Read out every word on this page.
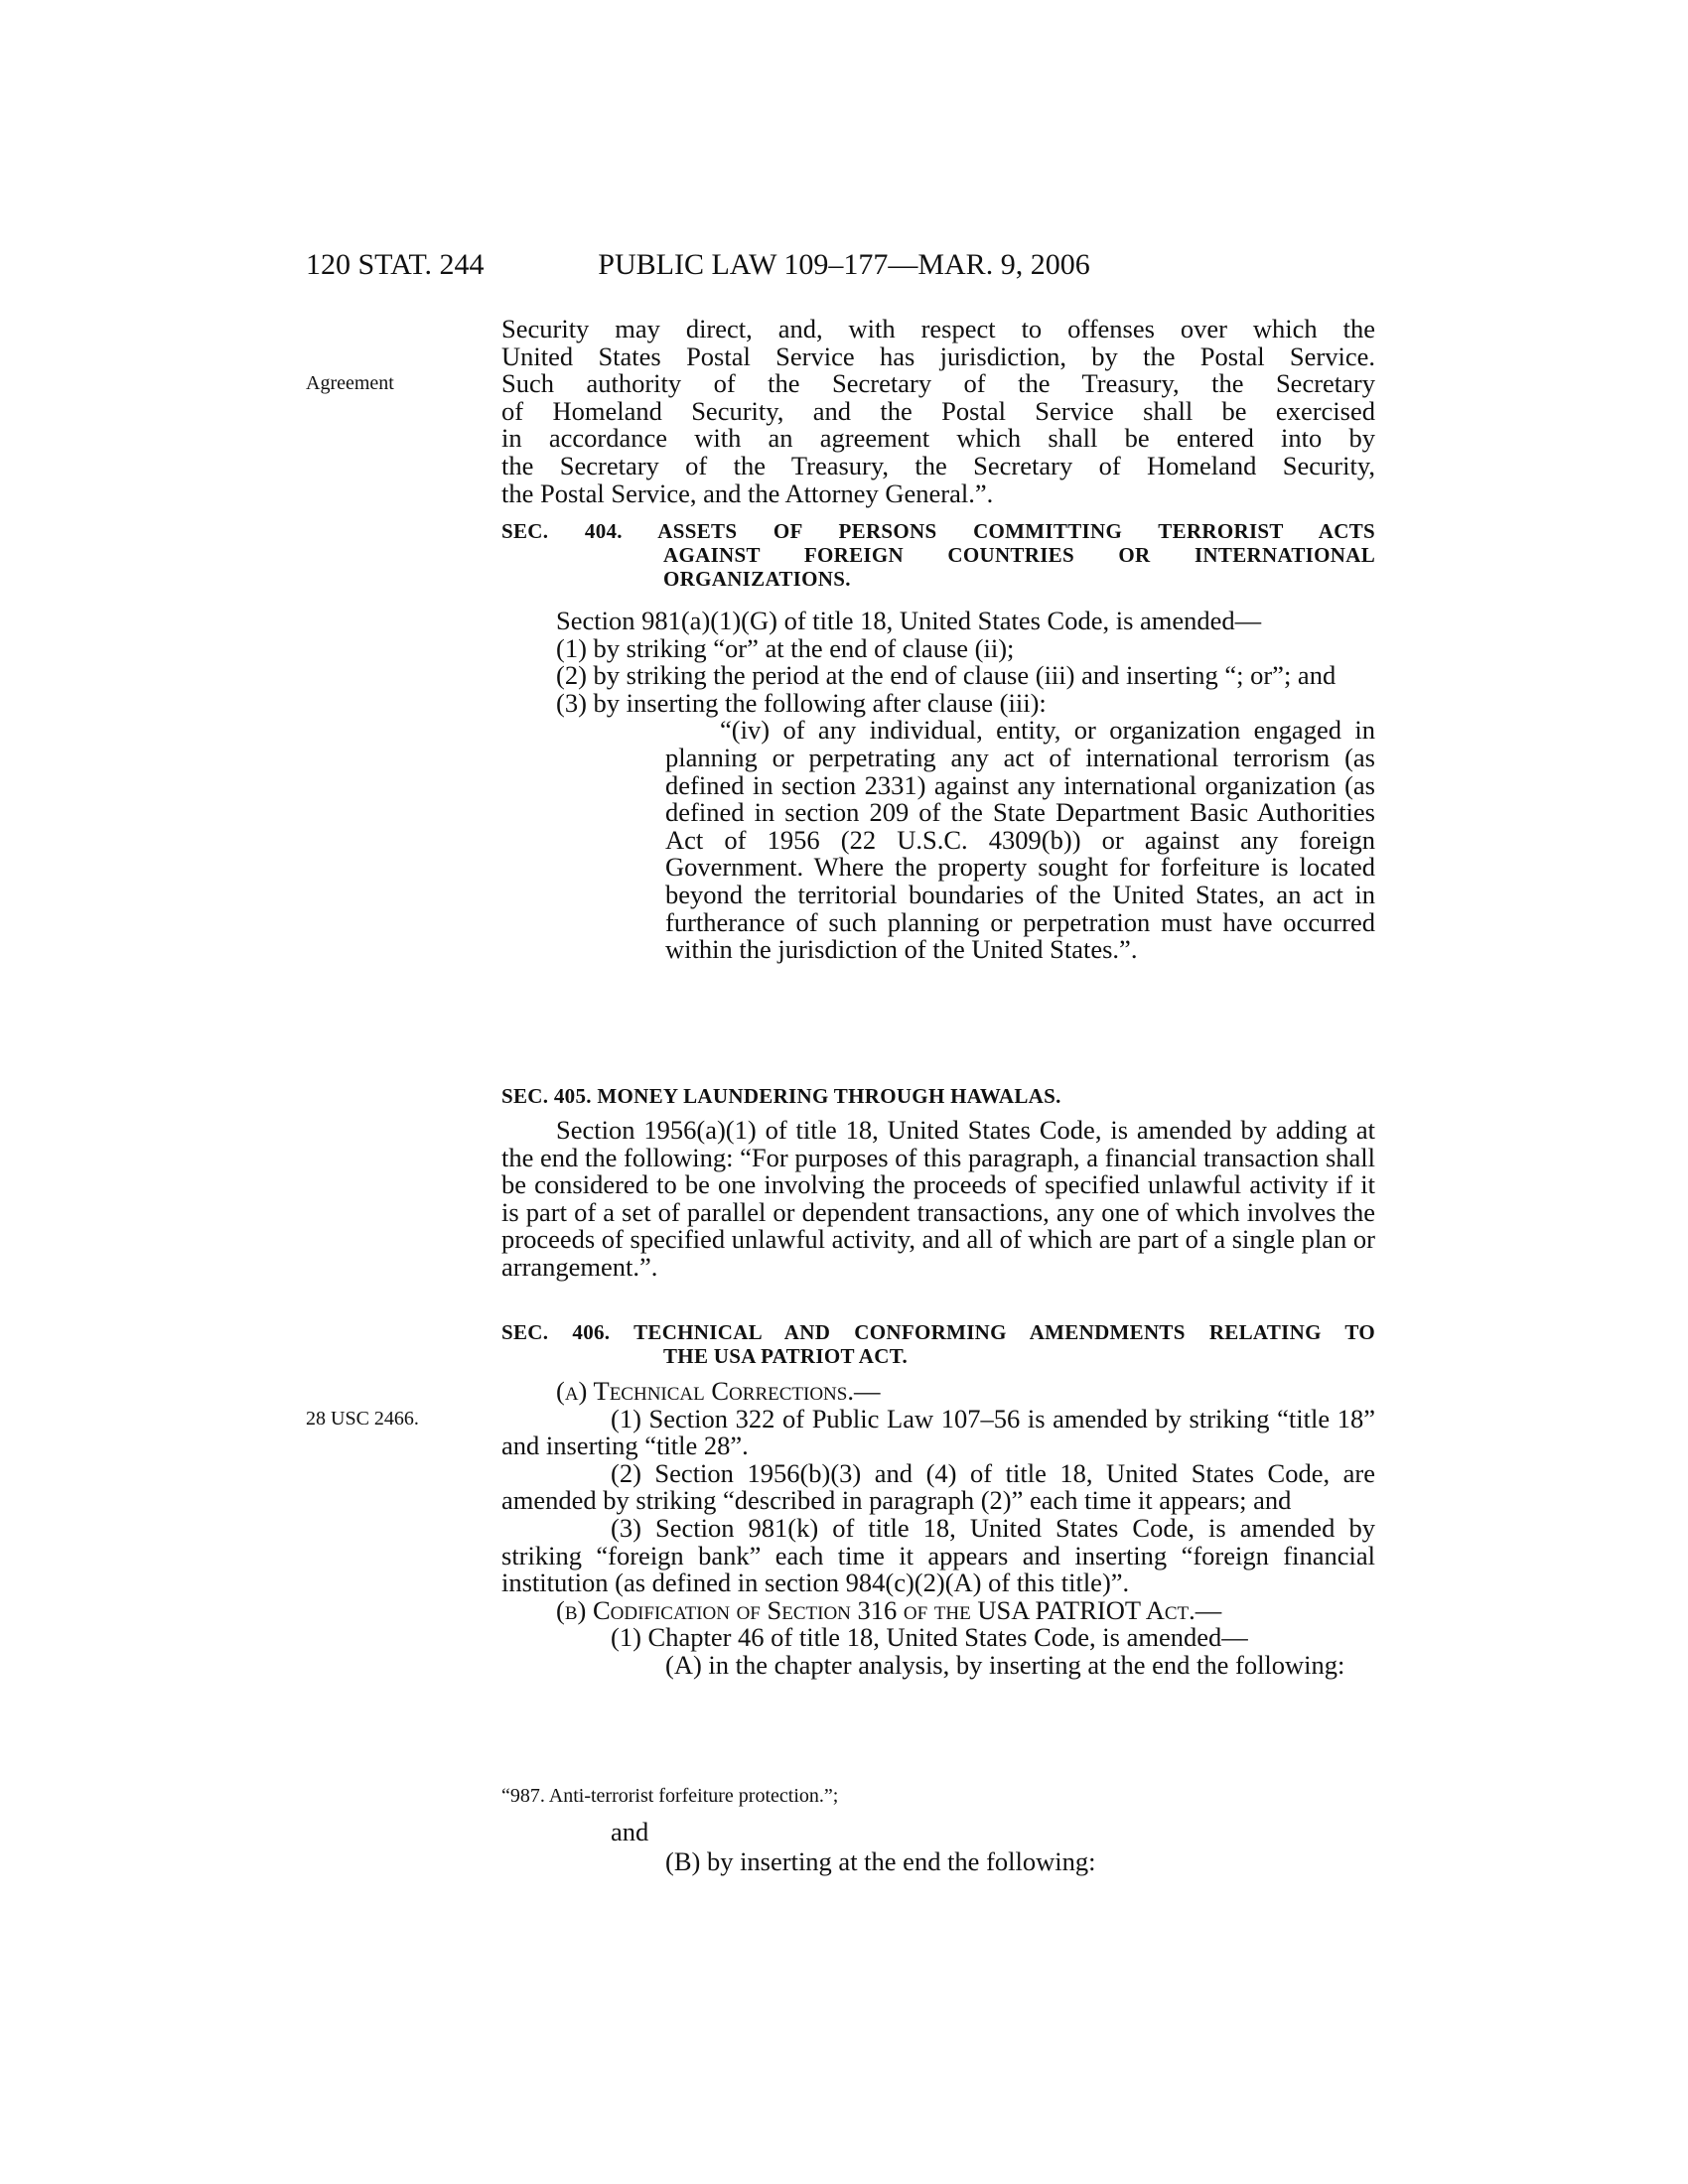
120 STAT. 244	PUBLIC LAW 109–177—MAR. 9, 2006
Agreement
28 USC 2466.
Security may direct, and, with respect to offenses over which the
United States Postal Service has jurisdiction, by the Postal Service.
Such authority of the Secretary of the Treasury, the Secretary
of Homeland Security, and the Postal Service shall be exercised
in accordance with an agreement which shall be entered into by
the Secretary of the Treasury, the Secretary of Homeland Security,
the Postal Service, and the Attorney General.”.
SEC. 404. ASSETS OF PERSONS COMMITTING TERRORIST ACTS
AGAINST FOREIGN COUNTRIES OR INTERNATIONAL
ORGANIZATIONS.

Section 981(a)(1)(G) of title 18, United States Code, is amended—

(1) by striking “or” at the end of clause (ii);

(2) by striking the period at the end of clause (iii) and inserting “; or”; and

(3) by inserting the following after clause (iii):

“(iv) of any individual, entity, or organization engaged in planning or perpetrating any act of international terrorism (as defined in section 2331) against any international organization (as defined in section 209 of the State Department Basic Authorities Act of 1956 (22 U.S.C. 4309(b)) or against any foreign Government. Where the property sought for forfeiture is located beyond the territorial boundaries of the United States, an act in furtherance of such planning or perpetration must have occurred within the jurisdiction of the United States.”.

SEC. 405. MONEY LAUNDERING THROUGH HAWALAS.

Section 1956(a)(1) of title 18, United States Code, is amended by adding at the end the following: “For purposes of this paragraph, a financial transaction shall be considered to be one involving the proceeds of specified unlawful activity if it is part of a set of parallel or dependent transactions, any one of which involves the proceeds of specified unlawful activity, and all of which are part of a single plan or arrangement.”.

SEC. 406. TECHNICAL AND CONFORMING AMENDMENTS RELATING TO
THE USA PATRIOT ACT.

(a) Technical Corrections.—

(1) Section 322 of Public Law 107–56 is amended by striking “title 18” and inserting “title 28”.

(2) Section 1956(b)(3) and (4) of title 18, United States Code, are amended by striking “described in paragraph (2)” each time it appears; and

(3) Section 981(k) of title 18, United States Code, is amended by striking “foreign bank” each time it appears and inserting “foreign financial institution (as defined in section 984(c)(2)(A) of this title)”.

(b) Codification of Section 316 of the USA PATRIOT Act.—

(1) Chapter 46 of title 18, United States Code, is amended—

(A) in the chapter analysis, by inserting at the end the following:

“987. Anti-terrorist forfeiture protection.”;
and
(B) by inserting at the end the following:
